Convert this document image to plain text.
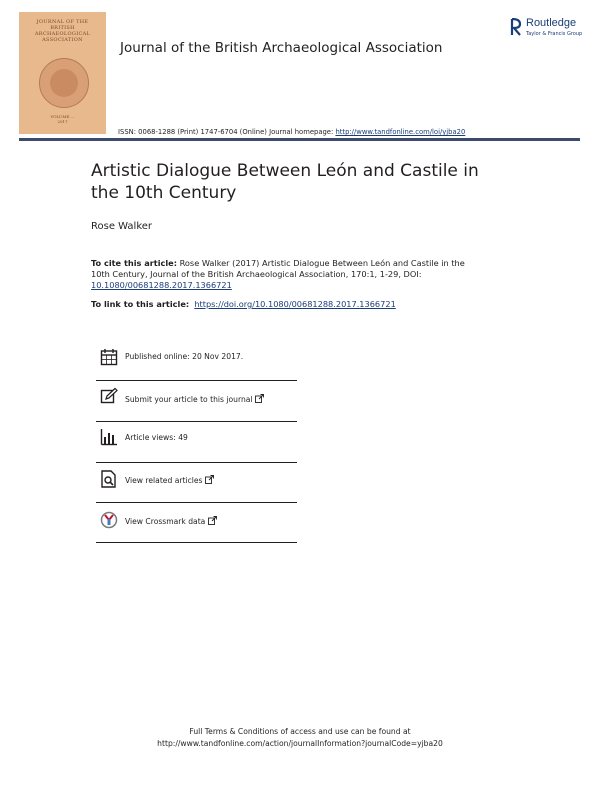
JOURNAL OF THE
BRITISH
ARCHAEOLOGICAL
ASSOCIATION
VOLUME ...
2017
Journal of the British Archaeological Association
Routledge
Taylor & Francis Group
ISSN: 0068-1288 (Print) 1747-6704 (Online) Journal homepage: http://www.tandfonline.com/loi/yjba20
Artistic Dialogue Between León and Castile in the 10th Century
Rose Walker
To cite this article: Rose Walker (2017) Artistic Dialogue Between León and Castile in the 10th Century, Journal of the British Archaeological Association, 170:1, 1-29, DOI: 10.1080/00681288.2017.1366721
To link to this article: https://doi.org/10.1080/00681288.2017.1366721
Published online: 20 Nov 2017.
Submit your article to this journal
Article views: 49
View related articles
View Crossmark data
Full Terms & Conditions of access and use can be found at
http://www.tandfonline.com/action/journalInformation?journalCode=yjba20
